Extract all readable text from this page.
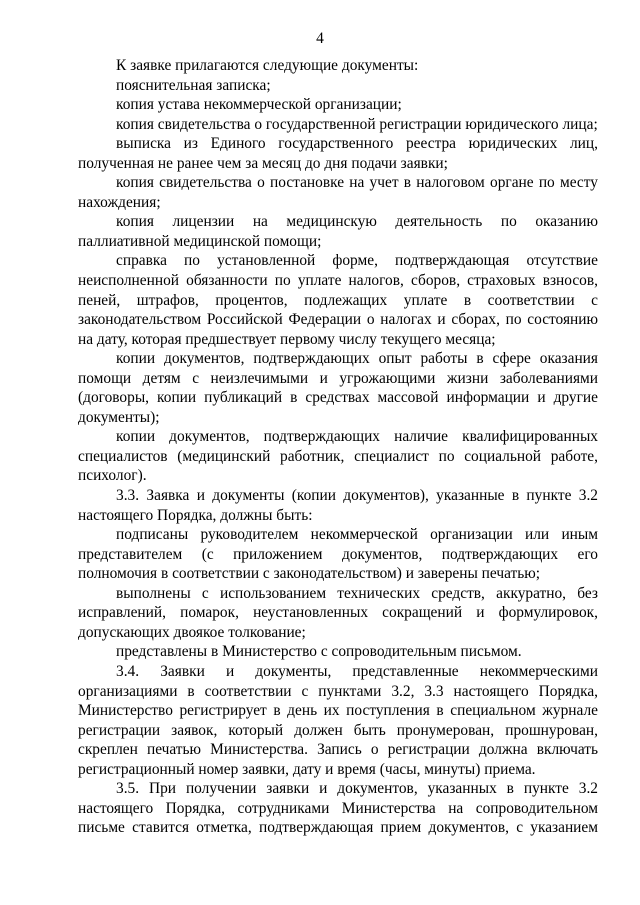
4

К заявке прилагаются следующие документы:

пояснительная записка;

копия устава некоммерческой организации;

копия свидетельства о государственной регистрации юридического лица;

выписка из Единого государственного реестра юридических лиц, полученная не ранее чем за месяц до дня подачи заявки;

копия свидетельства о постановке на учет в налоговом органе по месту нахождения;

копия лицензии на медицинскую деятельность по оказанию паллиативной медицинской помощи;

справка по установленной форме, подтверждающая отсутствие неисполненной обязанности по уплате налогов, сборов, страховых взносов, пеней, штрафов, процентов, подлежащих уплате в соответствии с законодательством Российской Федерации о налогах и сборах, по состоянию на дату, которая предшествует первому числу текущего месяца;

копии документов, подтверждающих опыт работы в сфере оказания помощи детям с неизлечимыми и угрожающими жизни заболеваниями (договоры, копии публикаций в средствах массовой информации и другие документы);

копии документов, подтверждающих наличие квалифицированных специалистов (медицинский работник, специалист по социальной работе, психолог).

3.3. Заявка и документы (копии документов), указанные в пункте 3.2 настоящего Порядка, должны быть:

подписаны руководителем некоммерческой организации или иным представителем (с приложением документов, подтверждающих его полномочия в соответствии с законодательством) и заверены печатью;

выполнены с использованием технических средств, аккуратно, без исправлений, помарок, неустановленных сокращений и формулировок, допускающих двоякое толкование;

представлены в Министерство с сопроводительным письмом.

3.4. Заявки и документы, представленные некоммерческими организациями в соответствии с пунктами 3.2, 3.3 настоящего Порядка, Министерство регистрирует в день их поступления в специальном журнале регистрации заявок, который должен быть пронумерован, прошнурован, скреплен печатью Министерства. Запись о регистрации должна включать регистрационный номер заявки, дату и время (часы, минуты) приема.

3.5. При получении заявки и документов, указанных в пункте 3.2 настоящего Порядка, сотрудниками Министерства на сопроводительном письме ставится отметка, подтверждающая прием документов, с указанием
